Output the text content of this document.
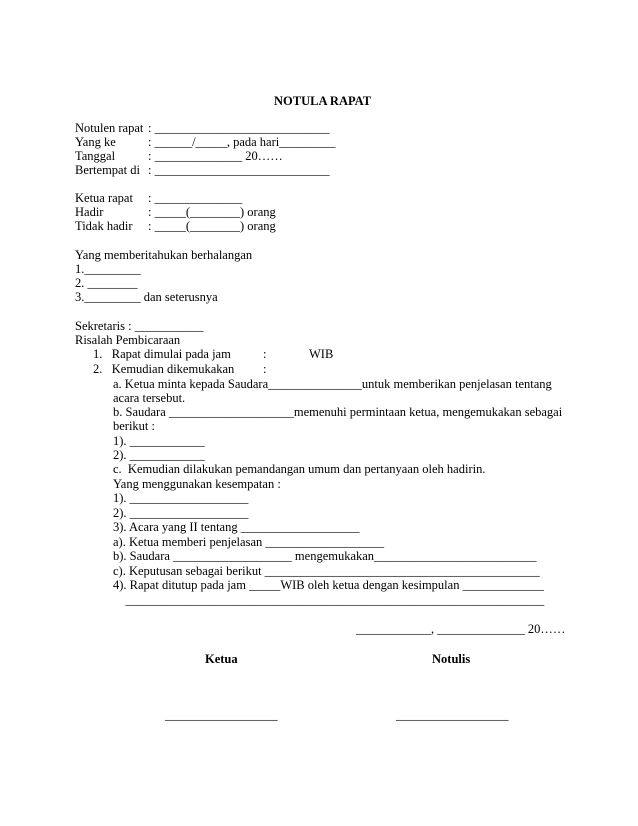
NOTULA RAPAT
Notulen rapat : ____________________________
Yang ke	: ______/_____, pada hari_________
Tanggal	: ______________ 20……
Bertempat di : ____________________________
Ketua rapat : ______________
Hadir	: _____(________) orang
Tidak hadir : _____(________) orang
Yang memberitahukan berhalangan
1._________
2. ________
3._________ dan seterusnya
Sekretaris : ___________
Risalah Pembicaraan
1.   Rapat dimulai pada jam	:	WIB
2.   Kemudian dikemukakan :
a. Ketua minta kepada Saudara_______________untuk memberikan penjelasan tentang
acara tersebut.
b. Saudara ____________________memenuhi permintaan ketua, mengemukakan sebagai
berikut :
1). ____________
2). ____________
c.  Kemudian dilakukan pemandangan umum dan pertanyaan oleh hadirin.
Yang menggunakan kesempatan :
1). ___________________
2). ___________________
3). Acara yang II tentang ___________________
a). Ketua memberi penjelasan ___________________
b). Saudara ___________________ mengemukakan__________________________
c). Keputusan sebagai berikut ____________________________________________
4). Rapat ditutup pada jam _____WIB oleh ketua dengan kesimpulan _____________
___________________________________________________________________
____________, ______________ 20……
Ketua	Notulis
__________________	__________________
